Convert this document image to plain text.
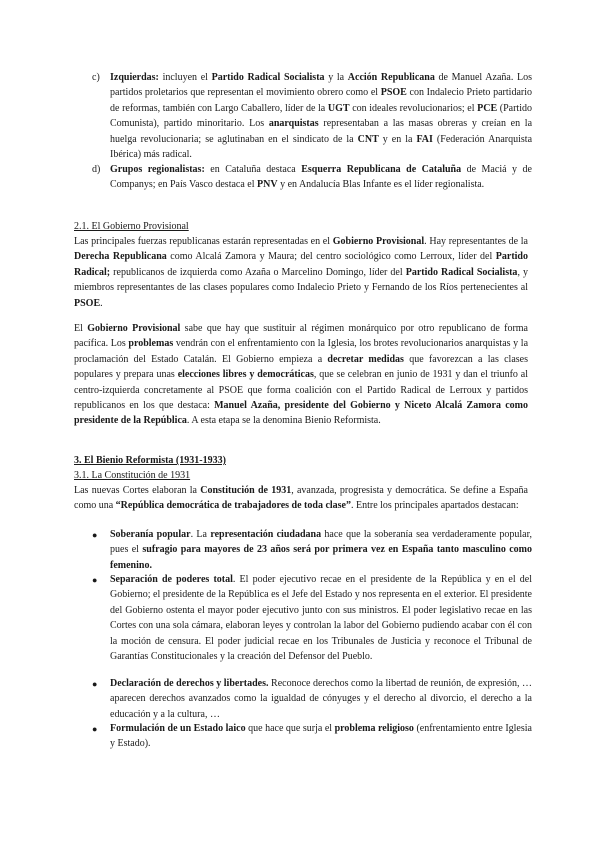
c) Izquierdas: incluyen el Partido Radical Socialista y la Acción Republicana de Manuel Azaña. Los partidos proletarios que representan el movimiento obrero como el PSOE con Indalecio Prieto partidario de reformas, también con Largo Caballero, líder de la UGT con ideales revolucionarios; el PCE (Partido Comunista), partido minoritario. Los anarquistas representaban a las masas obreras y creían en la huelga revolucionaria; se aglutinaban en el sindicato de la CNT y en la FAI (Federación Anarquista Ibérica) más radical.
d) Grupos regionalistas: en Cataluña destaca Esquerra Republicana de Cataluña de Maciá y de Companys; en País Vasco destaca el PNV y en Andalucía Blas Infante es el líder regionalista.
2.1. El Gobierno Provisional
Las principales fuerzas republicanas estarán representadas en el Gobierno Provisional. Hay representantes de la Derecha Republicana como Alcalá Zamora y Maura; del centro sociológico como Lerroux, líder del Partido Radical; republicanos de izquierda como Azaña o Marcelino Domingo, líder del Partido Radical Socialista, y miembros representantes de las clases populares como Indalecio Prieto y Fernando de los Ríos pertenecientes al PSOE.
El Gobierno Provisional sabe que hay que sustituir al régimen monárquico por otro republicano de forma pacífica. Los problemas vendrán con el enfrentamiento con la Iglesia, los brotes revolucionarios anarquistas y la proclamación del Estado Catalán. El Gobierno empieza a decretar medidas que favorezcan a las clases populares y prepara unas elecciones libres y democráticas, que se celebran en junio de 1931 y dan el triunfo al centro-izquierda concretamente al PSOE que forma coalición con el Partido Radical de Lerroux y partidos republicanos en los que destaca: Manuel Azaña, presidente del Gobierno y Niceto Alcalá Zamora como presidente de la República. A esta etapa se la denomina Bienio Reformista.
3. El Bienio Reformista (1931-1933)
3.1. La Constitución de 1931
Las nuevas Cortes elaboran la Constitución de 1931, avanzada, progresista y democrática. Se define a España como una “República democrática de trabajadores de toda clase”. Entre los principales apartados destacan:
● Soberanía popular. La representación ciudadana hace que la soberanía sea verdaderamente popular, pues el sufragio para mayores de 23 años será por primera vez en España tanto masculino como femenino.
● Separación de poderes total. El poder ejecutivo recae en el presidente de la República y en el del Gobierno; el presidente de la República es el Jefe del Estado y nos representa en el exterior. El presidente del Gobierno ostenta el mayor poder ejecutivo junto con sus ministros. El poder legislativo recae en las Cortes con una sola cámara, elaboran leyes y controlan la labor del Gobierno pudiendo acabar con él con la moción de censura. El poder judicial recae en los Tribunales de Justicia y reconoce el Tribunal de Garantías Constitucionales y la creación del Defensor del Pueblo.
● Declaración de derechos y libertades. Reconoce derechos como la libertad de reunión, de expresión, … aparecen derechos avanzados como la igualdad de cónyuges y el derecho al divorcio, el derecho a la educación y a la cultura, …
● Formulación de un Estado laico que hace que surja el problema religioso (enfrentamiento entre Iglesia y Estado).
